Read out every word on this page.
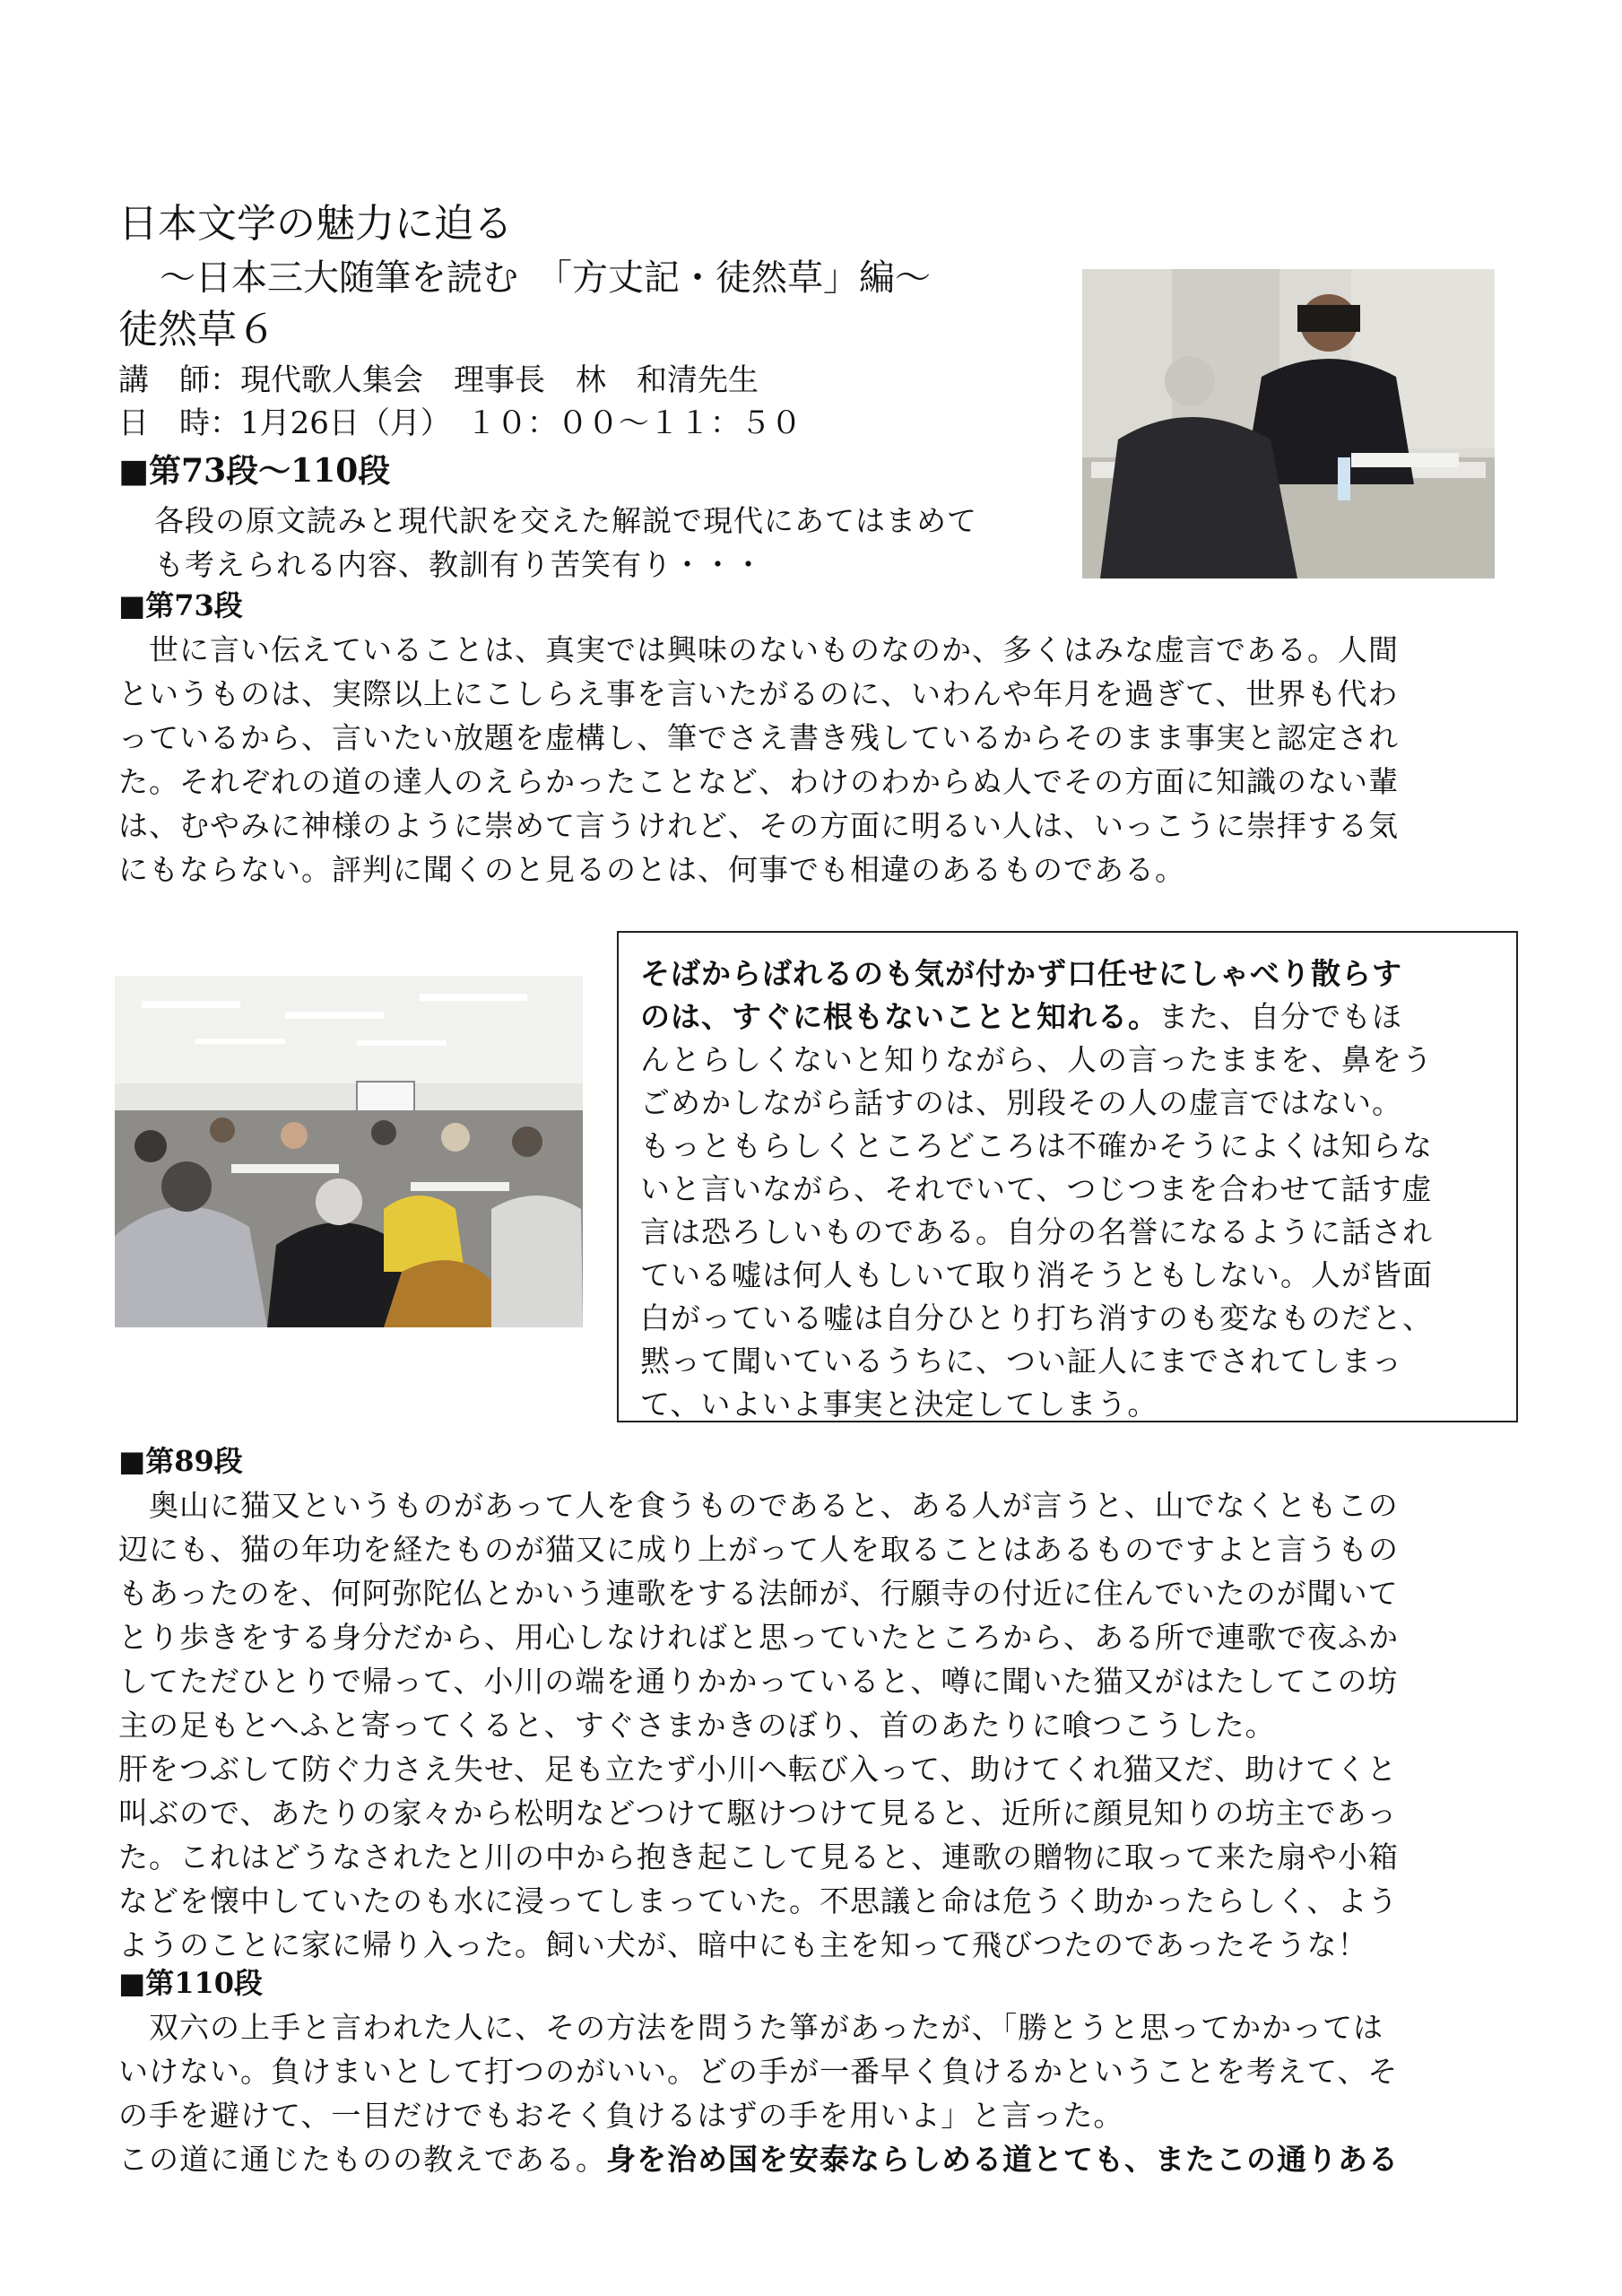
日本文学の魅力に迫る
～日本三大随筆を読む　「方丈記・徒然草」編～
徒然草６
講　師：現代歌人集会　理事長　林　和清先生
日　時：1月26日（月）　１０：００～１１：５０
■第73段～110段
各段の原文読みと現代訳を交えた解説で現代にあてはまめて
も考えられる内容、教訓有り苦笑有り・・・
■第73段
　世に言い伝えていることは、真実では興味のないものなのか、多くはみな虚言である。人間
というものは、実際以上にこしらえ事を言いたがるのに、いわんや年月を過ぎて、世界も代わ
っているから、言いたい放題を虚構し、筆でさえ書き残しているからそのまま事実と認定され
た。それぞれの道の達人のえらかったことなど、わけのわからぬ人でその方面に知識のない輩
は、むやみに神様のように崇めて言うけれど、その方面に明るい人は、いっこうに崇拝する気
にもならない。評判に聞くのと見るのとは、何事でも相違のあるものである。
そばからばれるのも気が付かず口任せにしゃべり散らす
のは、すぐに根もないことと知れる。また、自分でもほ
んとらしくないと知りながら、人の言ったままを、鼻をう
ごめかしながら話すのは、別段その人の虚言ではない。
もっともらしくところどころは不確かそうによくは知らな
いと言いながら、それでいて、つじつまを合わせて話す虚
言は恐ろしいものである。自分の名誉になるように話され
ている嘘は何人もしいて取り消そうともしない。人が皆面
白がっている嘘は自分ひとり打ち消すのも変なものだと、
黙って聞いているうちに、つい証人にまでされてしまっ
て、いよいよ事実と決定してしまう。
■第89段
　奥山に猫又というものがあって人を食うものであると、ある人が言うと、山でなくともこの
辺にも、猫の年功を経たものが猫又に成り上がって人を取ることはあるものですよと言うもの
もあったのを、何阿弥陀仏とかいう連歌をする法師が、行願寺の付近に住んでいたのが聞いて
とり歩きをする身分だから、用心しなければと思っていたところから、ある所で連歌で夜ふか
してただひとりで帰って、小川の端を通りかかっていると、噂に聞いた猫又がはたしてこの坊
主の足もとへふと寄ってくると、すぐさまかきのぼり、首のあたりに喰つこうした。
肝をつぶして防ぐ力さえ失せ、足も立たず小川へ転び入って、助けてくれ猫又だ、助けてくと
叫ぶので、あたりの家々から松明などつけて駆けつけて見ると、近所に顔見知りの坊主であっ
た。これはどうなされたと川の中から抱き起こして見ると、連歌の贈物に取って来た扇や小箱
などを懐中していたのも水に浸ってしまっていた。不思議と命は危うく助かったらしく、よう
ようのことに家に帰り入った。飼い犬が、暗中にも主を知って飛びつたのであったそうな！
■第110段
　双六の上手と言われた人に、その方法を問うた箏があったが、「勝とうと思ってかかっては
いけない。負けまいとして打つのがいい。どの手が一番早く負けるかということを考えて、そ
の手を避けて、一目だけでもおそく負けるはずの手を用いよ」と言った。
この道に通じたものの教えである。身を治め国を安泰ならしめる道とても、またこの通りある
